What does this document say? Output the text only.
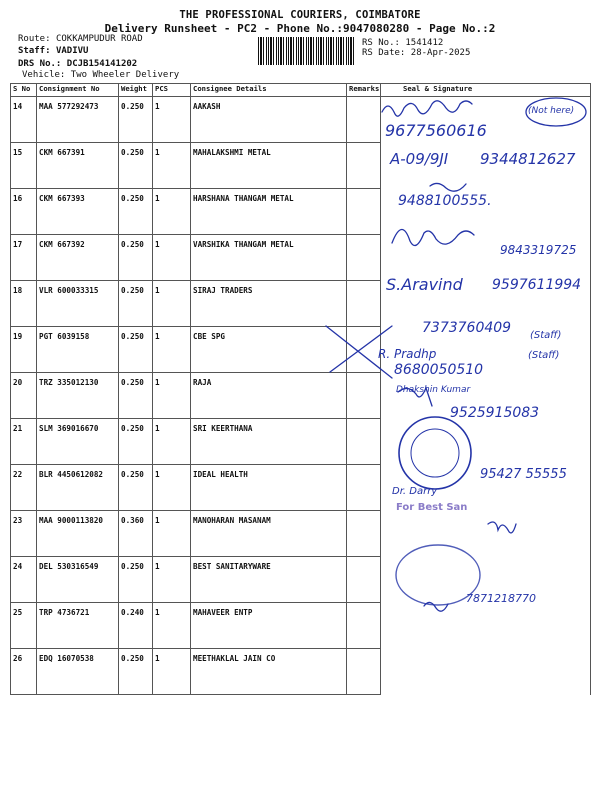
THE PROFESSIONAL COURIERS, COIMBATORE
Delivery Runsheet - PC2 - Phone No.:9047080280 - Page No.:2
Route: COKKAMPUDUR ROAD
Staff: VADIVU
DRS No.: DCJB154141202
Vehicle: Two Wheeler Delivery
RS No.: 1541412
RS Date: 28-Apr-2025
S No	Consignment No	Weight	PCS	Consignee Details	Remarks	Seal & Signature
14	MAA 577292473	0.250	1	AAKASH		
15	CKM 667391	0.250	1	MAHALAKSHMI METAL		
16	CKM 667393	0.250	1	HARSHANA THANGAM METAL		
17	CKM 667392	0.250	1	VARSHIKA THANGAM METAL		
18	VLR 600033315	0.250	1	SIRAJ TRADERS		
19	PGT 6039158	0.250	1	CBE SPG		
20	TRZ 335012130	0.250	1	RAJA		
21	SLM 369016670	0.250	1	SRI KEERTHANA		
22	BLR 4450612082	0.250	1	IDEAL HEALTH		
23	MAA 9000113820	0.360	1	MANOHARAN MASANAM		
24	DEL 530316549	0.250	1	BEST SANITARYWARE		
25	TRP 4736721	0.240	1	MAHAVEER ENTP		
26	EDQ 16070538	0.250	1	MEETHAKLAL JAIN CO		
9677560616
(Not here)
A-09/9JI 9344812627
9488100555.
9843319725
S.Aravind 9597611994
7373760409 (Staff)
R. Pradhp
8680050510
(Staff)
Dhakshin Kumar
9525915083
Dr. Darry
95427 55555
For Best San
7871218770
